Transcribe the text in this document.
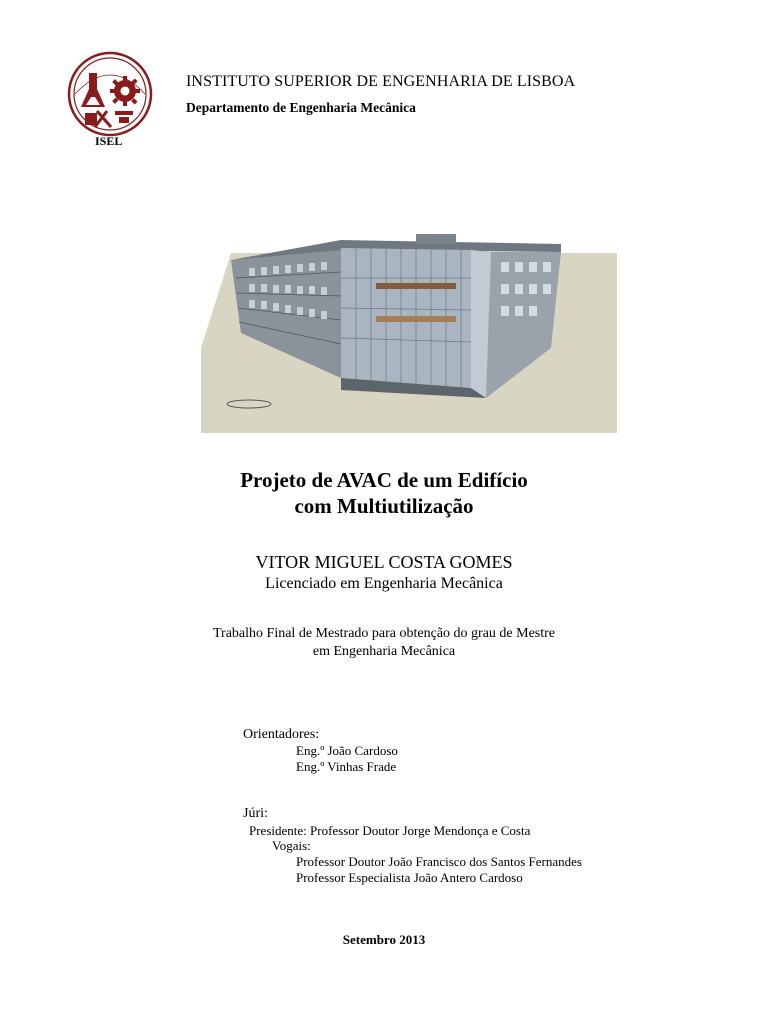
ISEL
INSTITUTO SUPERIOR DE ENGENHARIA DE LISBOA
Departamento de Engenharia Mecânica
Projeto de AVAC de um Edifício
com Multiutilização
VITOR MIGUEL COSTA GOMES
Licenciado em Engenharia Mecânica
Trabalho Final de Mestrado para obtenção do grau de Mestre
em Engenharia Mecânica
Orientadores:
Eng.º João Cardoso
Eng.º Vinhas Frade
Júri:
Presidente: Professor Doutor Jorge Mendonça e Costa
Vogais:
Professor Doutor João Francisco dos Santos Fernandes
Professor Especialista João Antero Cardoso
Setembro 2013
